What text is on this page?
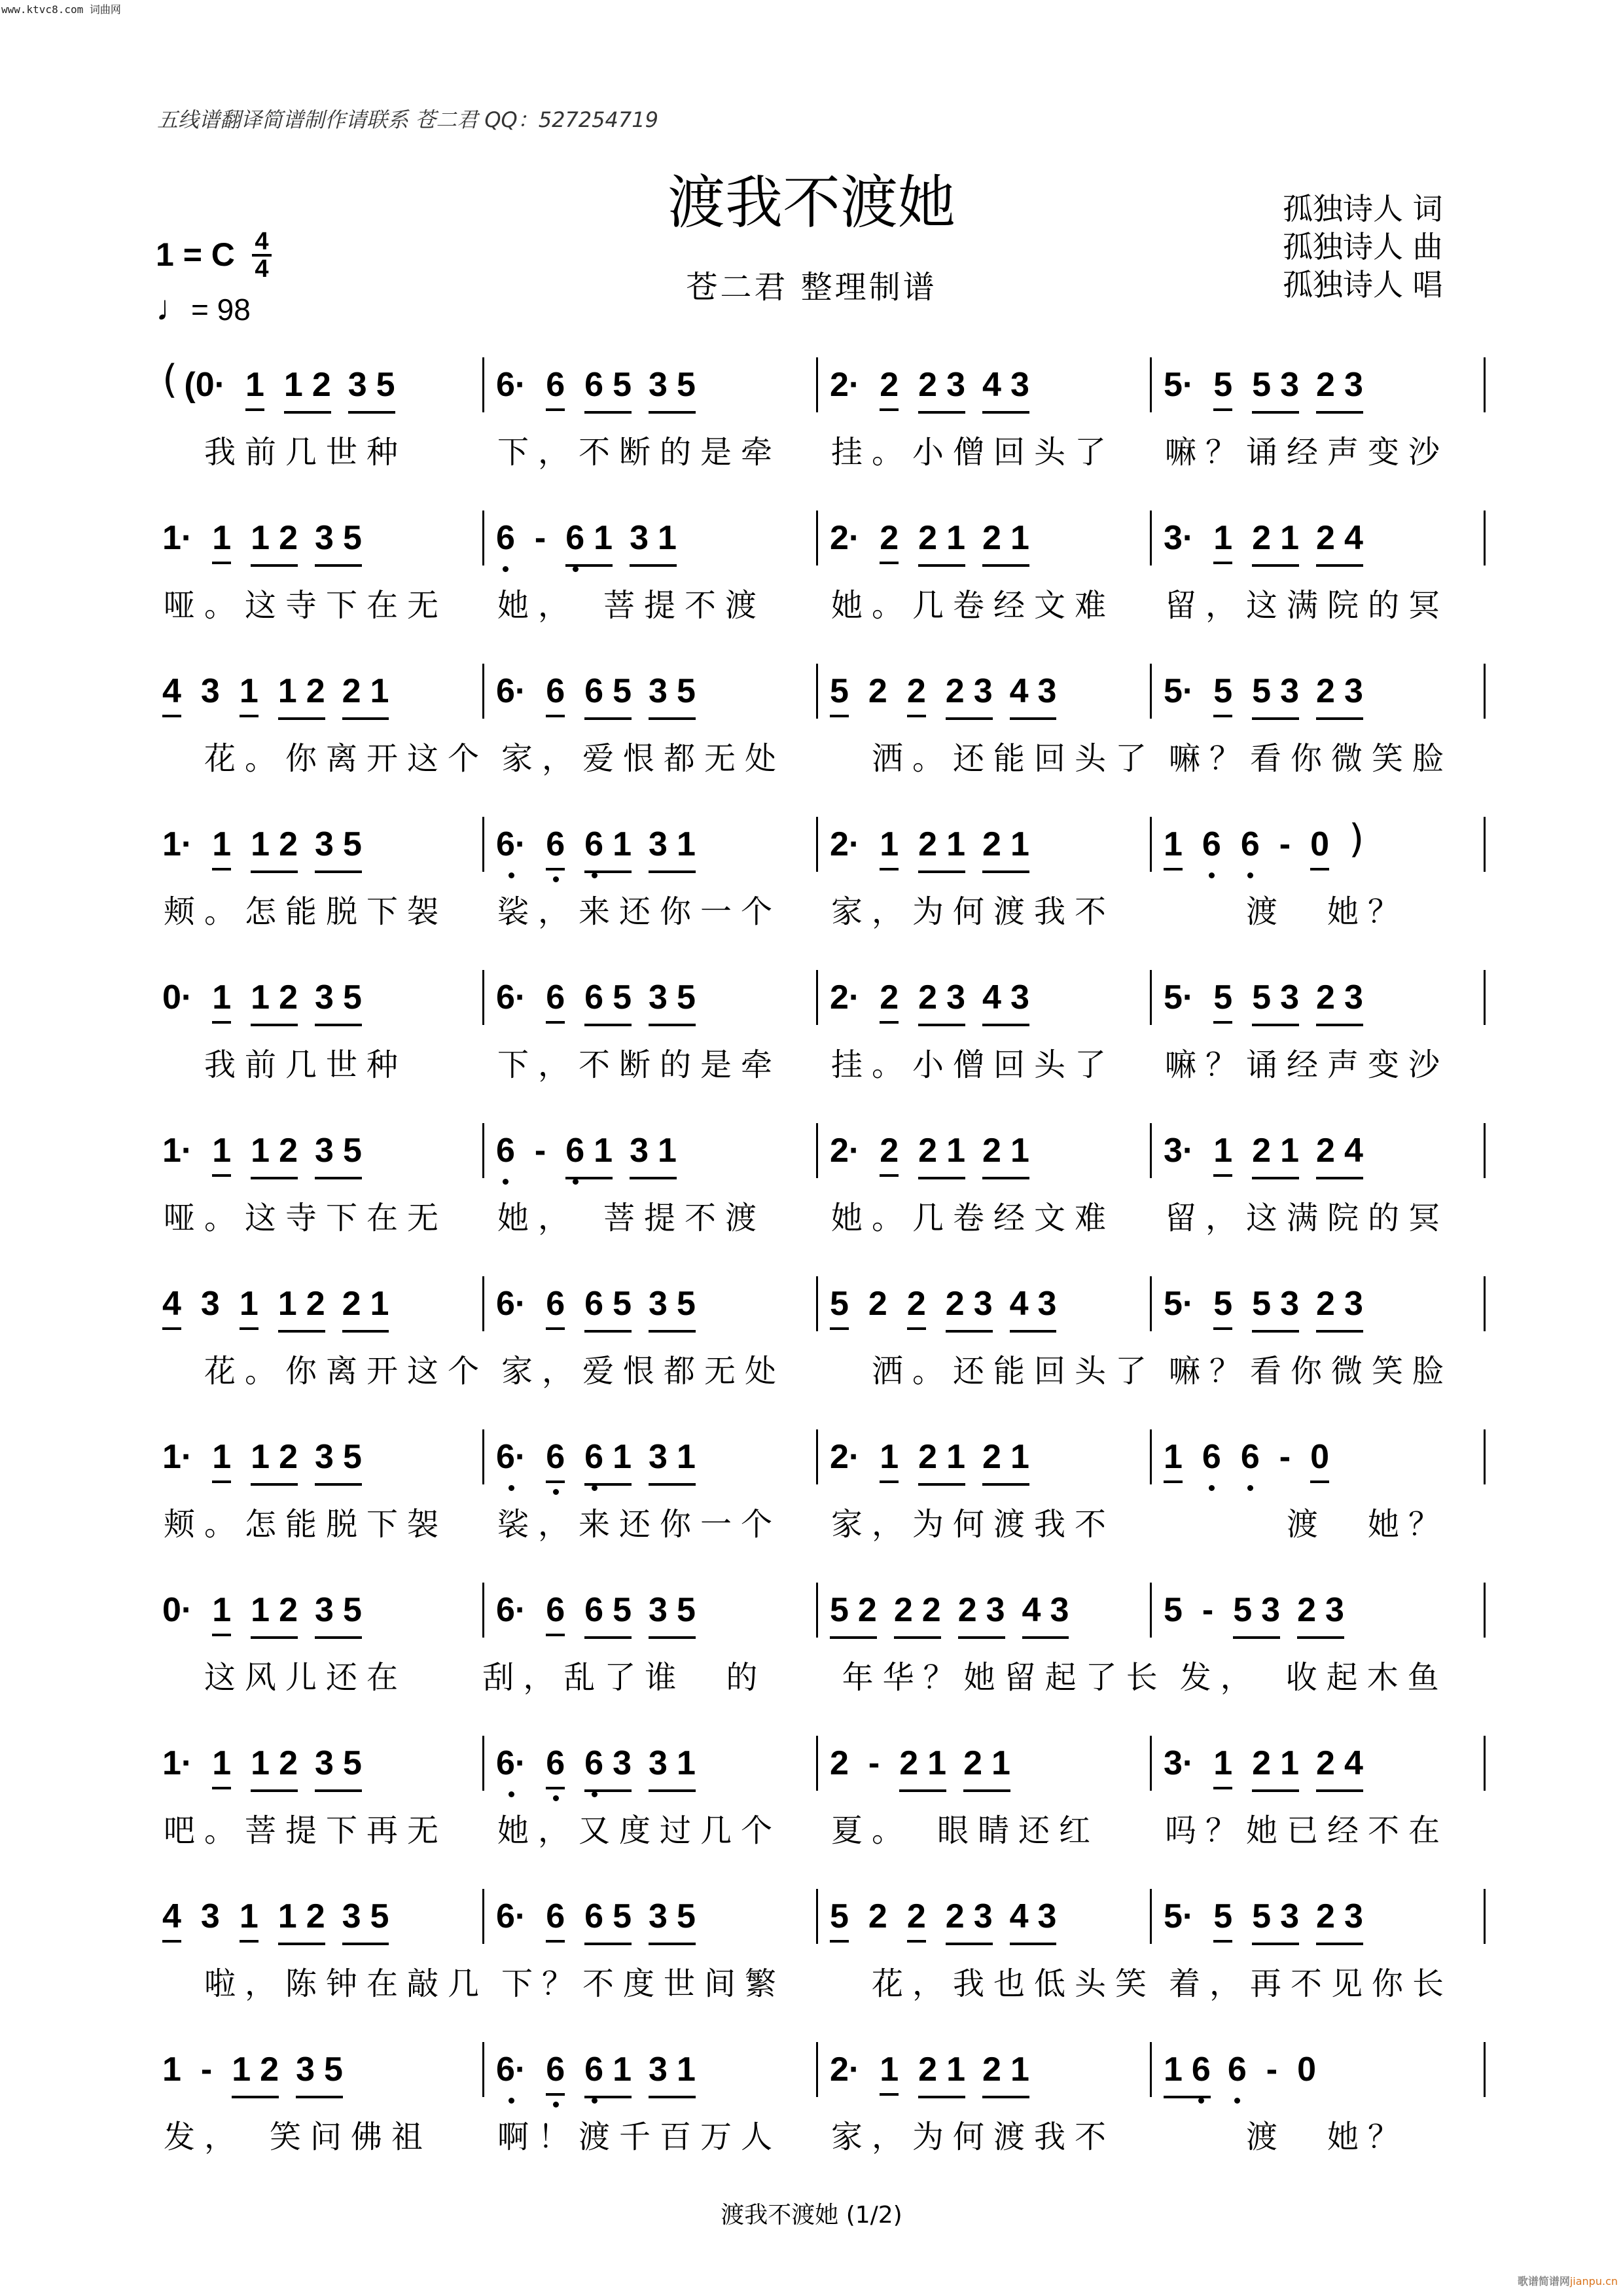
www.ktvc8.com 词曲网
五线谱翻译简谱制作请联系 苍二君 QQ：527254719
渡我不渡她
苍二君 整理制谱
孤独诗人 词
孤独诗人 曲
孤独诗人 唱
1 = C 4
4
♩= 98
( (0· 1 1 2 3 5	6· 6 6 5 3 5	2· 2 2 3 4 3	5· 5 5 3 2 3
　我前几世种	下，不断的是牵	挂。小僧回头了	嘛？诵经声变沙
1· 1 1 2 3 5	6 - 6 1 3 1	2· 2 2 1 2 1	3· 1 2 1 2 4
哑。这寺下在无	她，　菩提不渡	她。几卷经文难	留，这满院的冥
4 3 1 1 2 2 1	6· 6 6 5 3 5	5 2 2 2 3 4 3	5· 5 5 3 2 3
　花。你离开这个 家，爱恨都无处	　洒。还能回头了 嘛？看你微笑脸
1· 1 1 2 3 5	6· 6 6 1 3 1	2· 1 2 1 2 1	1 6 6 - 0 )
颊。怎能脱下袈	裟，来还你一个	家，为何渡我不	　　渡　她？
0· 1 1 2 3 5	6· 6 6 5 3 5	2· 2 2 3 4 3	5· 5 5 3 2 3
　我前几世种	下，不断的是牵	挂。小僧回头了	嘛？诵经声变沙
1· 1 1 2 3 5	6 - 6 1 3 1	2· 2 2 1 2 1	3· 1 2 1 2 4
哑。这寺下在无	她，　菩提不渡	她。几卷经文难	留，这满院的冥
4 3 1 1 2 2 1	6· 6 6 5 3 5	5 2 2 2 3 4 3	5· 5 5 3 2 3
　花。你离开这个 家，爱恨都无处	　洒。还能回头了 嘛？看你微笑脸
1· 1 1 2 3 5	6· 6 6 1 3 1	2· 1 2 1 2 1	1 6 6 - 0
颊。怎能脱下袈	裟，来还你一个	家，为何渡我不	　　　渡　她？
0· 1 1 2 3 5	6· 6 6 5 3 5	5 2 2 2 2 3 4 3	5 - 5 3 2 3
　这风儿还在	刮，乱了谁　的	　年华？她留起了长 发，　收起木鱼
1· 1 1 2 3 5	6· 6 6 3 3 1	2 - 2 1 2 1	3· 1 2 1 2 4
吧。菩提下再无	她，又度过几个	夏。　眼睛还红	吗？她已经不在
4 3 1 1 2 3 5	6· 6 6 5 3 5	5 2 2 2 3 4 3	5· 5 5 3 2 3
　啦，陈钟在敲几 下？不度世间繁	　花，我也低头笑 着，再不见你长
1 - 1 2 3 5	6· 6 6 1 3 1	2· 1 2 1 2 1	1 6 6 - 0
发，　笑问佛祖	啊！渡千百万人	家，为何渡我不	　　渡　她？
渡我不渡她 (1/2)
歌谱简谱网jianpu.cn
